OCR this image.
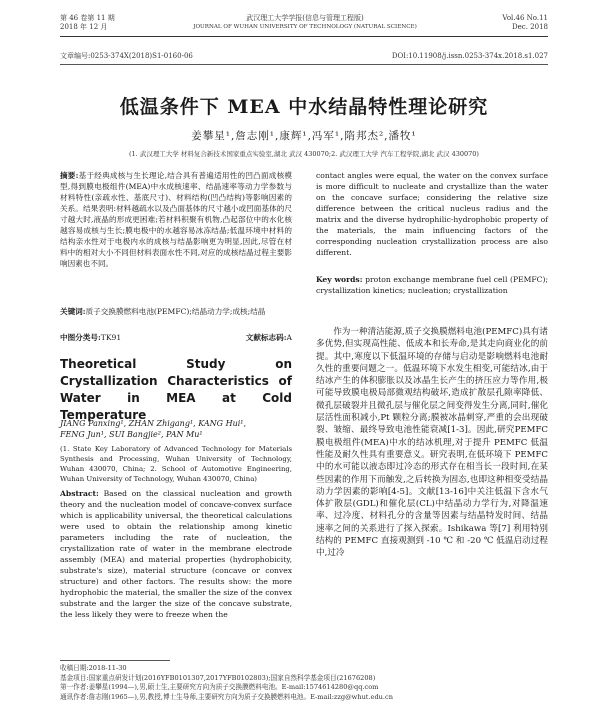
第 46 卷第 11 期
2018 年 12 月
武汉理工大学学报(信息与管理工程版)
JOURNAL OF WUHAN UNIVERSITY OF TECHNOLOGY (NATURAL SCIENCE)
Vol.46 No.11
Dec. 2018
文章编号:0253-374X(2018)S1-0160-06	DOI:10.11908/j.issn.0253-374x.2018.s1.027
低温条件下 MEA 中水结晶特性理论研究
姜攀星¹,詹志刚¹,康辉¹,冯军¹,隋邦杰²,潘牧¹
(1. 武汉理工大学 材料复合新技术国家重点实验室,湖北 武汉 430070;2. 武汉理工大学 汽车工程学院,湖北 武汉 430070)
摘要:基于经典成核与生长理论,结合具有普遍适用性的凹凸面成核模型,得到膜电极组件(MEA)中水成核速率、结晶速率等动力学参数与材料特性(亲疏水性、基底尺寸)、材料结构(凹凸结构)等影响因素的关系。结果表明:材料越疏水以及凸面基体的尺寸越小或凹面基体的尺寸越大时,液晶的形成更困难;若材料积聚有机物,凸起部位中的水化核越容易成核与生长;膜电极中的水越容易冰冻结晶;低温环境中材料的结构亲水性对于电极内水的成核与结晶影响更为明显,因此,尽管在材料中的相对大小不同但材料表面水性不同,对应的成核结晶过程主要影响因素也不同。
关键词:质子交换膜燃料电池(PEMFC);结晶动力学;成核;结晶
中图分类号:TK91	文献标志码:A
Theoretical Study on Crystallization Characteristics of Water in MEA at Cold Temperature
JIANG Panxing¹, ZHAN Zhigang¹, KANG Hui¹,
FENG Jun¹, SUI Bangjie², PAN Mu¹
(1. State Key Laboratory of Advanced Technology for Materials Synthesis and Processing, Wuhan University of Technology, Wuhan 430070, China; 2. School of Automotive Engineering, Wuhan University of Technology, Wuhan 430070, China)
Abstract: Based on the classical nucleation and growth theory and the nucleation model of concave-convex surface which is applicability universal, the theoretical calculations were used to obtain the relationship among kinetic parameters including the rate of nucleation, the crystallization rate of water in the membrane electrode assembly (MEA) and material properties (hydrophobicity, substrate's size), material structure (concave or convex structure) and other factors. The results show: the more hydrophobic the material, the smaller the size of the convex substrate and the larger the size of the concave substrate, the less likely they were to freeze when the
contact angles were equal, the water on the convex surface is more difficult to nucleate and crystallize than the water on the concave surface; considering the relative size difference between the critical nucleus radius and the matrix and the diverse hydrophilic-hydrophobic property of the materials, the main influencing factors of the corresponding nucleation crystallization process are also different.
Key words: proton exchange membrane fuel cell (PEMFC); crystallization kinetics; nucleation; crystallization
作为一种清洁能源,质子交换膜燃料电池(PEMFC)具有诸多优势,但实现高性能、低成本和长寿命,是其走向商业化的前提。其中,寒度以下低温环境的存储与启动是影响燃料电池耐久性的重要问题之一。低温环境下水发生相变,可能结冰,由于结冰产生的体积膨胀以及冰晶生长产生的挤压应力等作用,极可能导致膜电极局部微观结构破坏,造成扩散层孔隙率降低、微孔层破裂并且微孔层与催化层之间变得发生分离,同时,催化层活性面积减小,Pt 颗粒分离;膜被冰晶刺穿,严重的会出现破裂、皱缩、最终导致电池性能衰减[1-3]。因此,研究PEMFC 膜电极组件(MEA)中水的结冰机理,对于提升 PEMFC 低温性能及耐久性具有重要意义。研究表明,在低环境下 PEMFC 中的水可能以液态即过冷态的形式存在相当长一段时间,在某些因素的作用下而触发,之后转换为固态,也即这种相变受结晶动力学因素的影响[4-5]。文献[13-16]中关注低温下含水气体扩散层(GDL)和催化层(CL)中结晶动力学行为,对降温速率、过冷度、材料孔分的含量等因素与结晶特发时间、结晶速率之间的关系进行了探入探索。Ishikawa 等[7] 利用特别结构的 PEMFC 直接观测到 -10 ℃ 和 -20 ℃ 低温启动过程中,过冷
收稿日期:2018-11-30
基金项目:国家重点研发计划(2016YFB0101307,2017YFB0102803);国家自然科学基金项目(21676208)
第一作者:姜攀星(1994—),男,硕士生,主要研究方向为质子交换膜燃料电池。E-mail:1574614280@qq.com
通讯作者:詹志刚(1965—),男,教授,博士生导师,主要研究方向为质子交换膜燃料电池。E-mail:zzg@whut.edu.cn
